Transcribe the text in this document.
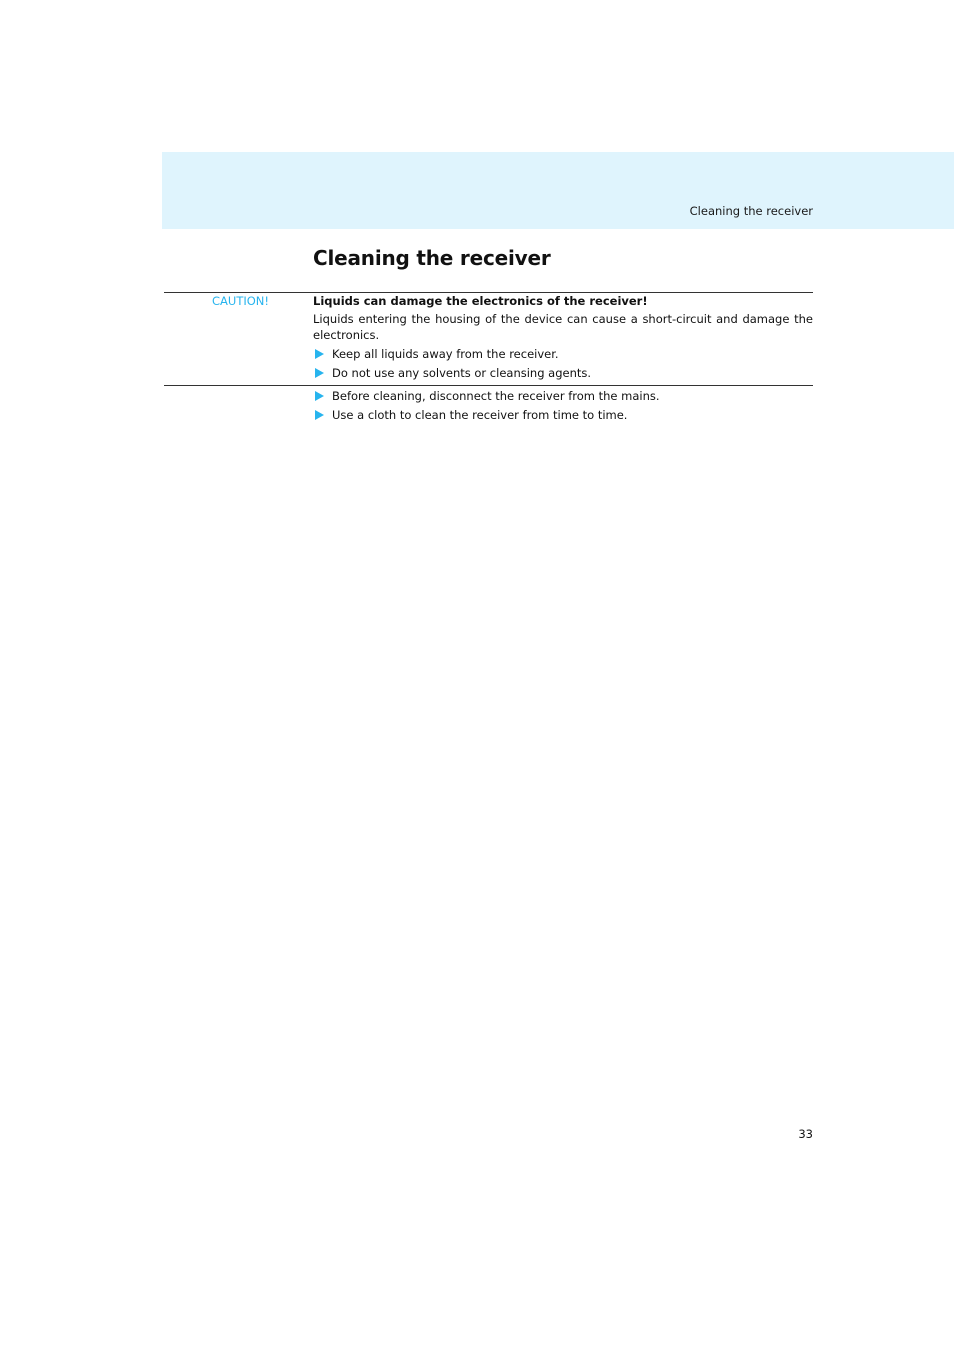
Cleaning the receiver
Cleaning the receiver
CAUTION!	Liquids can damage the electronics of the receiver!

Liquids entering the housing of the device can cause a short-circuit and damage the electronics.

Keep all liquids away from the receiver.
Do not use any solvents or cleansing agents.
Before cleaning, disconnect the receiver from the mains.
Use a cloth to clean the receiver from time to time.
33
